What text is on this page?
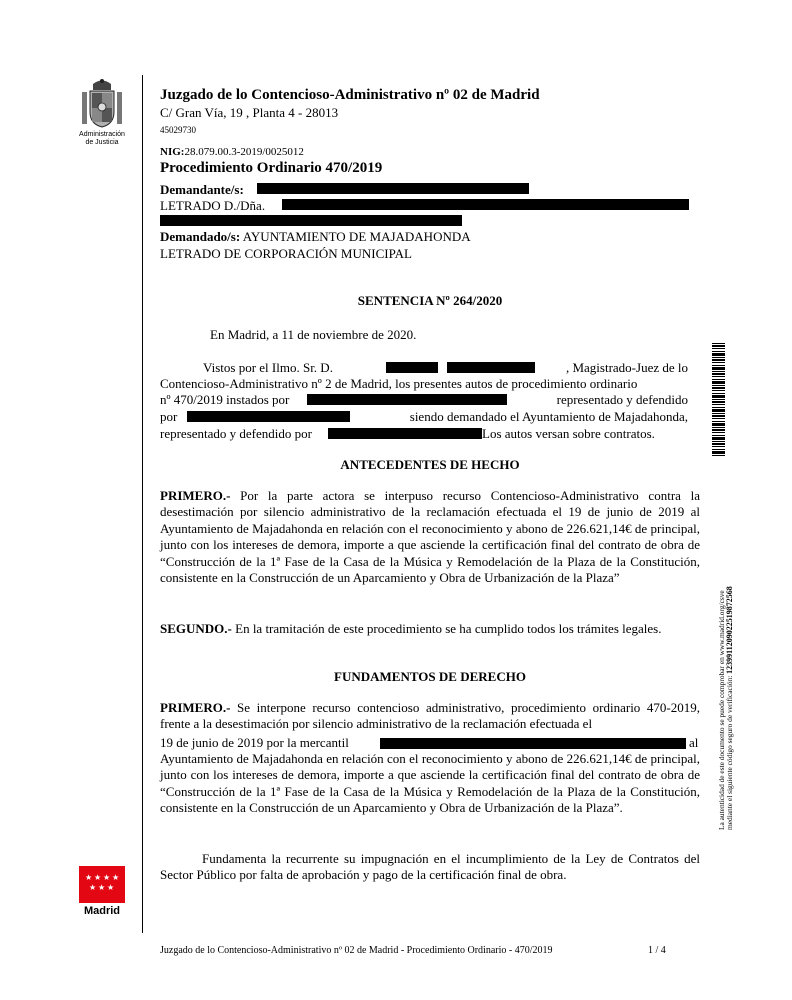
Administración
de Justicia
Juzgado de lo Contencioso-Administrativo nº 02 de Madrid
C/ Gran Vía, 19 , Planta 4 - 28013
45029730
NIG:28.079.00.3-2019/0025012
Procedimiento Ordinario 470/2019
Demandante/s:
LETRADO D./Dña.
Demandado/s: AYUNTAMIENTO DE MAJADAHONDA
LETRADO DE CORPORACIÓN MUNICIPAL
SENTENCIA Nº 264/2020
En Madrid, a 11 de noviembre de 2020.
Vistos por el Ilmo. Sr. D.	, Magistrado-Juez de lo
Contencioso-Administrativo nº 2 de Madrid, los presentes autos de procedimiento ordinario
nº 470/2019 instados por	representado y defendido
por	siendo demandado el Ayuntamiento de Majadahonda,
representado y defendido por	Los autos versan sobre contratos.
ANTECEDENTES DE HECHO
PRIMERO.- Por la parte actora se interpuso recurso Contencioso-Administrativo contra la desestimación por silencio administrativo de la reclamación efectuada el 19 de junio de 2019 al Ayuntamiento de Majadahonda en relación con el reconocimiento y abono de 226.621,14€ de principal, junto con los intereses de demora, importe a que asciende la certificación final del contrato de obra de “Construcción de la 1ª Fase de la Casa de la Música y Remodelación de la Plaza de la Constitución, consistente en la Construcción de un Aparcamiento y Obra de Urbanización de la Plaza”
SEGUNDO.- En la tramitación de este procedimiento se ha cumplido todos los trámites legales.
FUNDAMENTOS DE DERECHO
PRIMERO.- Se interpone recurso contencioso administrativo, procedimiento ordinario 470-2019, frente a la desestimación por silencio administrativo de la reclamación efectuada el
19 de junio de 2019 por la mercantil	al
Ayuntamiento de Majadahonda en relación con el reconocimiento y abono de 226.621,14€ de principal, junto con los intereses de demora, importe a que asciende la certificación final del contrato de obra de “Construcción de la 1ª Fase de la Casa de la Música y Remodelación de la Plaza de la Constitución, consistente en la Construcción de un Aparcamiento y Obra de Urbanización de la Plaza”.
Fundamenta la recurrente su impugnación en el incumplimiento de la Ley de Contratos del Sector Público por falta de aprobación y pago de la certificación final de obra.
La autenticidad de este documento se puede comprobar en www.madrid.org/csve
mediante el siguiente código seguro de verificación: 1239911209022519872568
★ ★ ★ ★
★ ★ ★
Madrid
Juzgado de lo Contencioso-Administrativo nº 02 de Madrid - Procedimiento Ordinario - 470/2019	1 / 4
